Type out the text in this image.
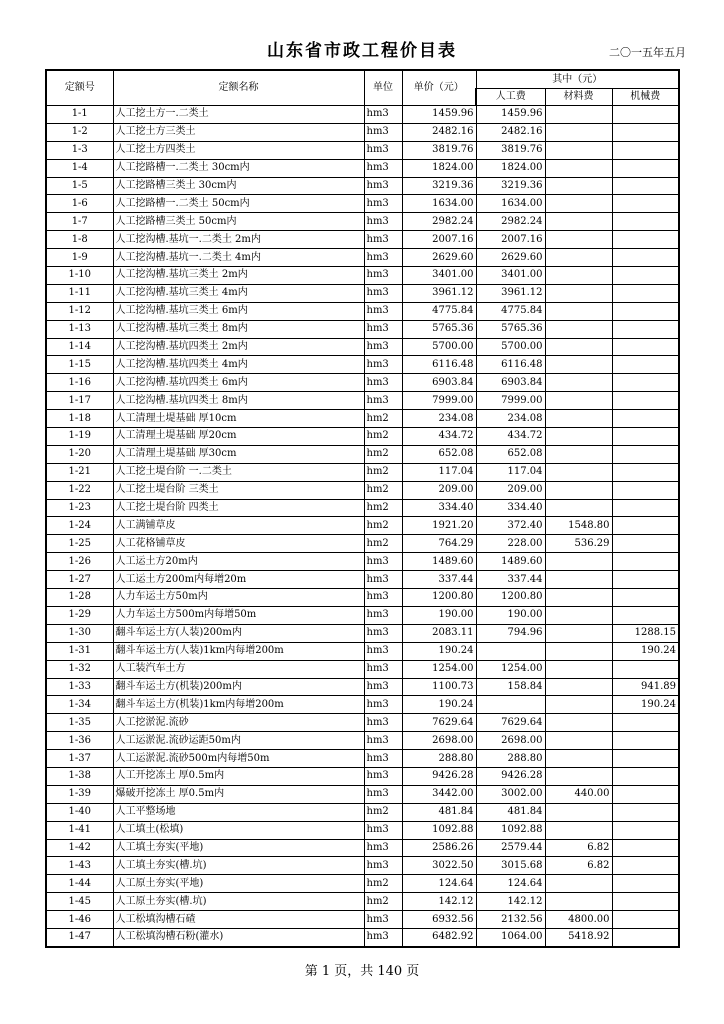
山东省市政工程价目表	二〇一五年五月
定额号	定额名称	单位	单价（元）	其中（元）		
				人工费	材料费	机械费
1-1	人工挖土方一.二类土	hm3	1459.96	1459.96		
1-2	人工挖土方三类土	hm3	2482.16	2482.16		
1-3	人工挖土方四类土	hm3	3819.76	3819.76		
1-4	人工挖路槽一.二类土 30cm内	hm3	1824.00	1824.00		
1-5	人工挖路槽三类土 30cm内	hm3	3219.36	3219.36		
1-6	人工挖路槽一.二类土 50cm内	hm3	1634.00	1634.00		
1-7	人工挖路槽三类土 50cm内	hm3	2982.24	2982.24		
1-8	人工挖沟槽.基坑一.二类土 2m内	hm3	2007.16	2007.16		
1-9	人工挖沟槽.基坑一.二类土 4m内	hm3	2629.60	2629.60		
1-10	人工挖沟槽.基坑三类土 2m内	hm3	3401.00	3401.00		
1-11	人工挖沟槽.基坑三类土 4m内	hm3	3961.12	3961.12		
1-12	人工挖沟槽.基坑三类土 6m内	hm3	4775.84	4775.84		
1-13	人工挖沟槽.基坑三类土 8m内	hm3	5765.36	5765.36		
1-14	人工挖沟槽.基坑四类土 2m内	hm3	5700.00	5700.00		
1-15	人工挖沟槽.基坑四类土 4m内	hm3	6116.48	6116.48		
1-16	人工挖沟槽.基坑四类土 6m内	hm3	6903.84	6903.84		
1-17	人工挖沟槽.基坑四类土 8m内	hm3	7999.00	7999.00		
1-18	人工清理土堤基础 厚10cm	hm2	234.08	234.08		
1-19	人工清理土堤基础 厚20cm	hm2	434.72	434.72		
1-20	人工清理土堤基础 厚30cm	hm2	652.08	652.08		
1-21	人工挖土堤台阶 一.二类土	hm2	117.04	117.04		
1-22	人工挖土堤台阶 三类土	hm2	209.00	209.00		
1-23	人工挖土堤台阶 四类土	hm2	334.40	334.40		
1-24	人工满铺草皮	hm2	1921.20	372.40	1548.80	
1-25	人工花格铺草皮	hm2	764.29	228.00	536.29	
1-26	人工运土方20m内	hm3	1489.60	1489.60		
1-27	人工运土方200m内每增20m	hm3	337.44	337.44		
1-28	人力车运土方50m内	hm3	1200.80	1200.80		
1-29	人力车运土方500m内每增50m	hm3	190.00	190.00		
1-30	翻斗车运土方(人装)200m内	hm3	2083.11	794.96		1288.15
1-31	翻斗车运土方(人装)1km内每增200m	hm3	190.24			190.24
1-32	人工装汽车土方	hm3	1254.00	1254.00		
1-33	翻斗车运土方(机装)200m内	hm3	1100.73	158.84		941.89
1-34	翻斗车运土方(机装)1km内每增200m	hm3	190.24			190.24
1-35	人工挖淤泥.流砂	hm3	7629.64	7629.64		
1-36	人工运淤泥.流砂运距50m内	hm3	2698.00	2698.00		
1-37	人工运淤泥.流砂500m内每增50m	hm3	288.80	288.80		
1-38	人工开挖冻土 厚0.5m内	hm3	9426.28	9426.28		
1-39	爆破开挖冻土 厚0.5m内	hm3	3442.00	3002.00	440.00	
1-40	人工平整场地	hm2	481.84	481.84		
1-41	人工填土(松填)	hm3	1092.88	1092.88		
1-42	人工填土夯实(平地)	hm3	2586.26	2579.44	6.82	
1-43	人工填土夯实(槽.坑)	hm3	3022.50	3015.68	6.82	
1-44	人工原土夯实(平地)	hm2	124.64	124.64		
1-45	人工原土夯实(槽.坑)	hm2	142.12	142.12		
1-46	人工松填沟槽石碴	hm3	6932.56	2132.56	4800.00	
1-47	人工松填沟槽石粉(灌水)	hm3	6482.92	1064.00	5418.92	
第 1 页，共 140 页
